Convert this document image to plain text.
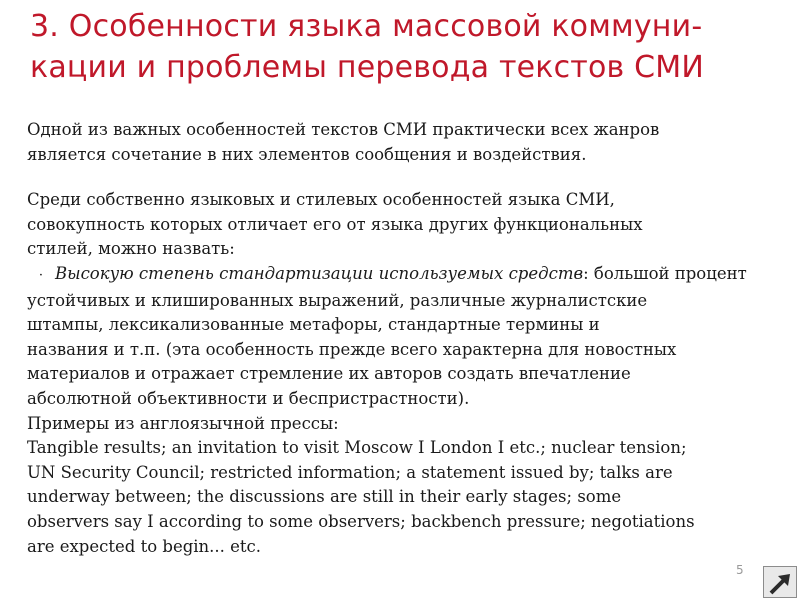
3. Особенности языка массовой коммуни-
кации и проблемы перевода текстов СМИ
Одной из важных особенностей текстов СМИ практически всех жанров
является сочетание в них элементов сообщения и воздействия.
Среди собственно языковых и стилевых особенностей языка СМИ,
совокупность которых отличает его от языка других функциональных
стилей, можно назвать:
· Высокую степень стандартизации используемых средств: большой процент
устойчивых и клишированных выражений, различные журналистские
штампы, лексикализованные метафоры, стандартные термины и
названия и т.п. (эта особенность прежде всего характерна для новостных
материалов и отражает стремление их авторов создать впечатление
абсолютной объективности и беспристрастности).
Примеры из англоязычной прессы:
Tangible results; an invitation to visit Moscow I London I etc.; nuclear tension;
UN Security Council; restricted information; a statement issued by; talks are
underway between; the discussions are still in their early stages; some
observers say I according to some observers; backbench pressure; negotiations
are expected to begin... etc.
5
